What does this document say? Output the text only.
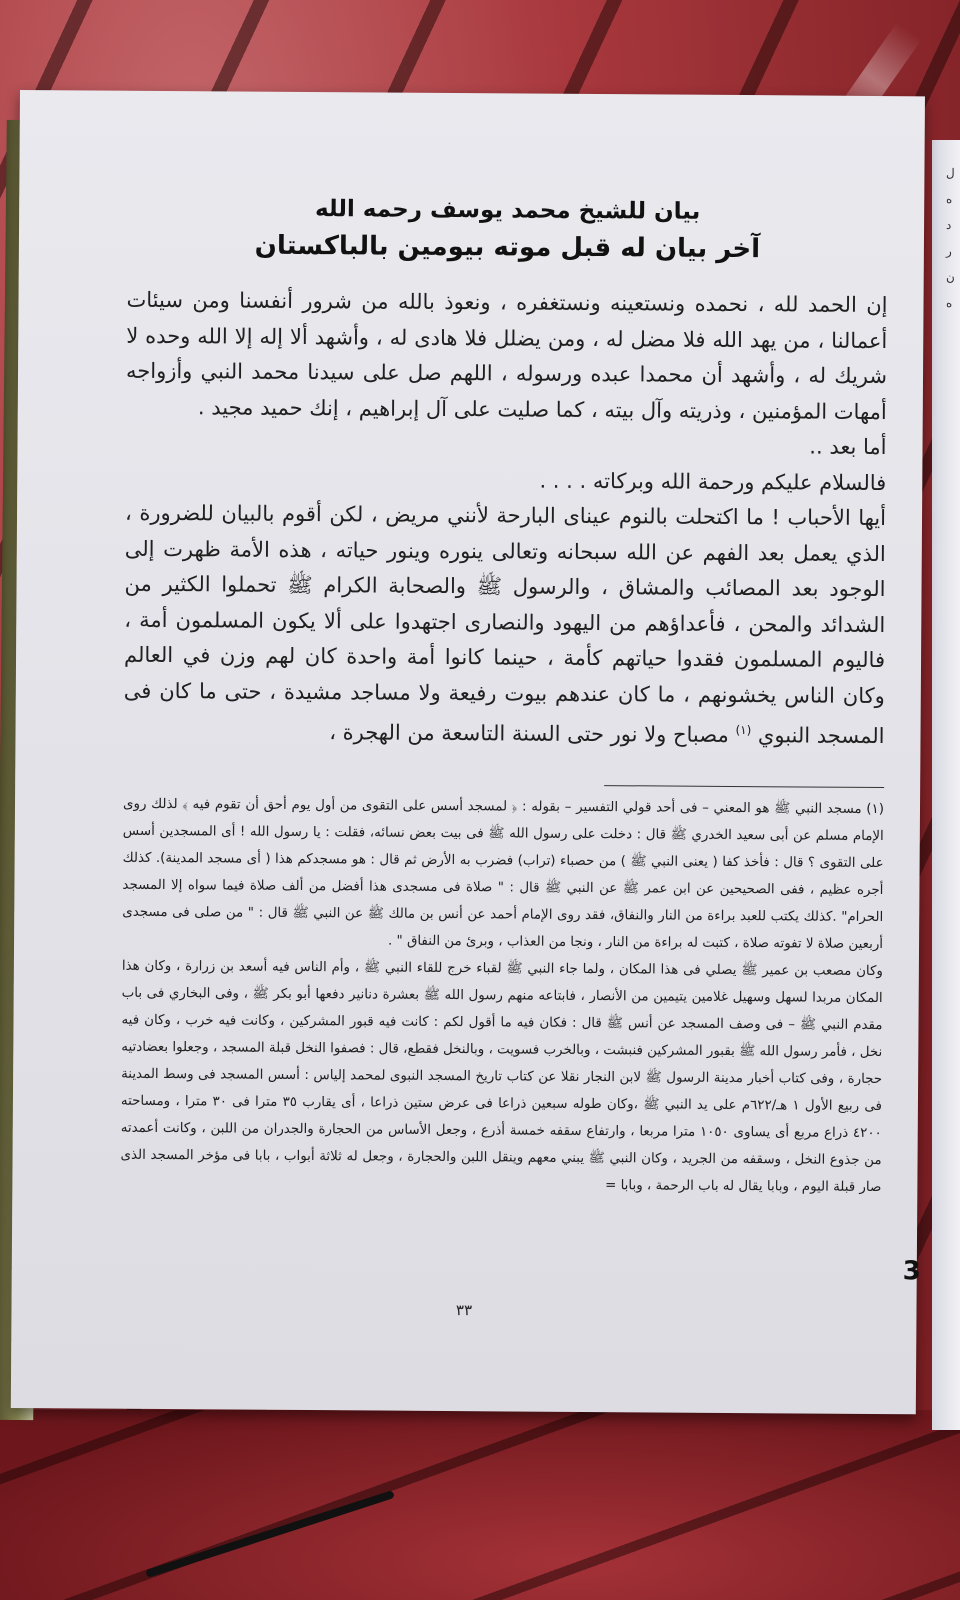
ل ه د ر ن ه
بيان للشيخ محمد يوسف رحمه الله
آخر بيان له قبل موته بيومين بالباكستان

إن الحمد لله ، نحمده ونستعينه ونستغفره ، ونعوذ بالله من شرور أنفسنا ومن سيئات أعمالنا ، من يهد الله فلا مضل له ، ومن يضلل فلا هادى له ، وأشهد ألا إله إلا الله وحده لا شريك له ، وأشهد أن محمدا عبده ورسوله ، اللهم صل على سيدنا محمد النبي وأزواجه أمهات المؤمنين ، وذريته وآل بيته ، كما صليت على آل إبراهيم ، إنك حميد مجيد .

أما بعد ..

فالسلام عليكم ورحمة الله وبركاته . . . .

أيها الأحباب ! ما اكتحلت بالنوم عيناى البارحة لأنني مريض ، لكن أقوم بالبيان للضرورة ، الذي يعمل بعد الفهم عن الله سبحانه وتعالى ينوره وينور حياته ، هذه الأمة ظهرت إلى الوجود بعد المصائب والمشاق ، والرسول ﷺ والصحابة الكرام ﷺ تحملوا الكثير من الشدائد والمحن ، فأعداؤهم من اليهود والنصارى اجتهدوا على ألا يكون المسلمون أمة ، فاليوم المسلمون فقدوا حياتهم كأمة ، حينما كانوا أمة واحدة كان لهم وزن في العالم وكان الناس يخشونهم ، ما كان عندهم بيوت رفيعة ولا مساجد مشيدة ، حتى ما كان فى المسجد النبوي $^{(١)}$ مصباح ولا نور حتى السنة التاسعة من الهجرة ،

(١) مسجد النبي ﷺ هو المعني – فى أحد قولي التفسير – بقوله : ﴿ لمسجد أسس على التقوى من أول يوم أحق أن تقوم فيه ﴾ لذلك روى الإمام مسلم عن أبى سعيد الخدري ﷺ قال : دخلت على رسول الله ﷺ فى بيت بعض نسائه، فقلت : يا رسول الله ! أى المسجدين أسس على التقوى ؟ قال : فأخذ كفا ( يعنى النبي ﷺ ) من حصباء (تراب) فضرب به الأرض ثم قال : هو مسجدكم هذا ( أى مسجد المدينة). كذلك أجره عظيم ، ففى الصحيحين عن ابن عمر ﷺ عن النبي ﷺ قال : " صلاة فى مسجدى هذا أفضل من ألف صلاة فيما سواه إلا المسجد الحرام" .كذلك يكتب للعبد براءة من النار والنفاق، فقد روى الإمام أحمد عن أنس بن مالك ﷺ عن النبي ﷺ قال : " من صلى فى مسجدى أربعين صلاة لا تفوته صلاة ، كتبت له براءة من النار ، ونجا من العذاب ، وبرئ من النفاق " .

وكان مصعب بن عمير ﷺ يصلي فى هذا المكان ، ولما جاء النبي ﷺ لقباء خرج للقاء النبي ﷺ ، وأم الناس فيه أسعد بن زرارة ، وكان هذا المكان مربدا لسهل وسهيل غلامين يتيمين من الأنصار ، فابتاعه منهم رسول الله ﷺ بعشرة دنانير دفعها أبو بكر ﷺ ، وفى البخاري فى باب مقدم النبي ﷺ – فى وصف المسجد عن أنس ﷺ قال : فكان فيه ما أقول لكم : كانت فيه قبور المشركين ، وكانت فيه خرب ، وكان فيه نخل ، فأمر رسول الله ﷺ بقبور المشركين فنبشت ، وبالخرب فسويت ، وبالنخل فقطع، قال : فصفوا النخل قبلة المسجد ، وجعلوا بعضادتيه حجارة ، وفى كتاب أخبار مدينة الرسول ﷺ لابن النجار نقلا عن كتاب تاريخ المسجد النبوى لمحمد إلياس : أسس المسجد فى وسط المدينة فى ربيع الأول ١ هـ/٦٢٢م على يد النبي ﷺ ،وكان طوله سبعين ذراعا فى عرض ستين ذراعا ، أى يقارب ٣٥ مترا فى ٣٠ مترا ، ومساحته ٤٢٠٠ ذراع مربع أى يساوى ١٠٥٠ مترا مربعا ، وارتفاع سقفه خمسة أذرع ، وجعل الأساس من الحجارة والجدران من اللبن ، وكانت أعمدته من جذوع النخل ، وسقفه من الجريد ، وكان النبي ﷺ يبني معهم وينقل اللبن والحجارة ، وجعل له ثلاثة أبواب ، بابا فى مؤخر المسجد الذى صار قبلة اليوم ، وبابا يقال له باب الرحمة ، وبابا =

٣٣
3
